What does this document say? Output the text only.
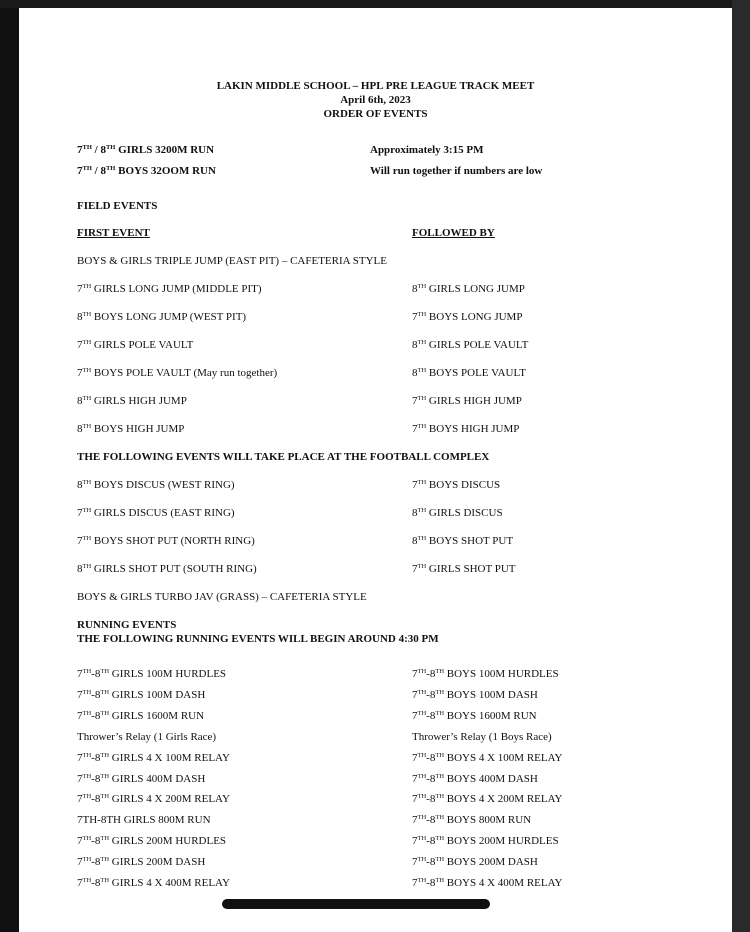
LAKIN MIDDLE SCHOOL – HPL PRE LEAGUE TRACK MEET
April 6th, 2023
ORDER OF EVENTS
7TH / 8TH GIRLS 3200M RUN	Approximately 3:15 PM
7TH / 8TH BOYS 32OOM RUN	Will run together if numbers are low
FIELD EVENTS
FIRST EVENT	FOLLOWED BY
BOYS & GIRLS TRIPLE JUMP (EAST PIT) – CAFETERIA STYLE
7TH GIRLS LONG JUMP (MIDDLE PIT)	8TH GIRLS LONG JUMP
8TH BOYS LONG JUMP (WEST PIT)	7TH BOYS LONG JUMP
7TH GIRLS POLE VAULT	8TH GIRLS POLE VAULT
7TH BOYS POLE VAULT (May run together)	8TH BOYS POLE VAULT
8TH GIRLS HIGH JUMP	7TH GIRLS HIGH JUMP
8TH BOYS HIGH JUMP	7TH BOYS HIGH JUMP
THE FOLLOWING EVENTS WILL TAKE PLACE AT THE FOOTBALL COMPLEX
8TH BOYS DISCUS (WEST RING)	7TH BOYS DISCUS
7TH GIRLS DISCUS (EAST RING)	8TH GIRLS DISCUS
7TH BOYS SHOT PUT (NORTH RING)	8TH BOYS SHOT PUT
8TH GIRLS SHOT PUT (SOUTH RING)	7TH GIRLS SHOT PUT
BOYS & GIRLS TURBO JAV (GRASS) – CAFETERIA STYLE
RUNNING EVENTS
THE FOLLOWING RUNNING EVENTS WILL BEGIN AROUND 4:30 PM
7TH-8TH GIRLS 100M HURDLES	7TH-8TH BOYS 100M HURDLES
7TH-8TH GIRLS 100M DASH	7TH-8TH BOYS 100M DASH
7TH-8TH GIRLS 1600M RUN	7TH-8TH BOYS 1600M RUN
Thrower’s Relay (1 Girls Race)	Thrower’s Relay (1 Boys Race)
7TH-8TH GIRLS 4 X 100M RELAY	7TH-8TH BOYS 4 X 100M RELAY
7TH-8TH GIRLS 400M DASH	7TH-8TH BOYS 400M DASH
7TH-8TH GIRLS 4 X 200M RELAY	7TH-8TH BOYS 4 X 200M RELAY
7TH-8TH GIRLS 800M RUN	7TH-8TH BOYS 800M RUN
7TH-8TH GIRLS 200M HURDLES	7TH-8TH BOYS 200M HURDLES
7TH-8TH GIRLS 200M DASH	7TH-8TH BOYS 200M DASH
7TH-8TH GIRLS 4 X 400M RELAY	7TH-8TH BOYS 4 X 400M RELAY
